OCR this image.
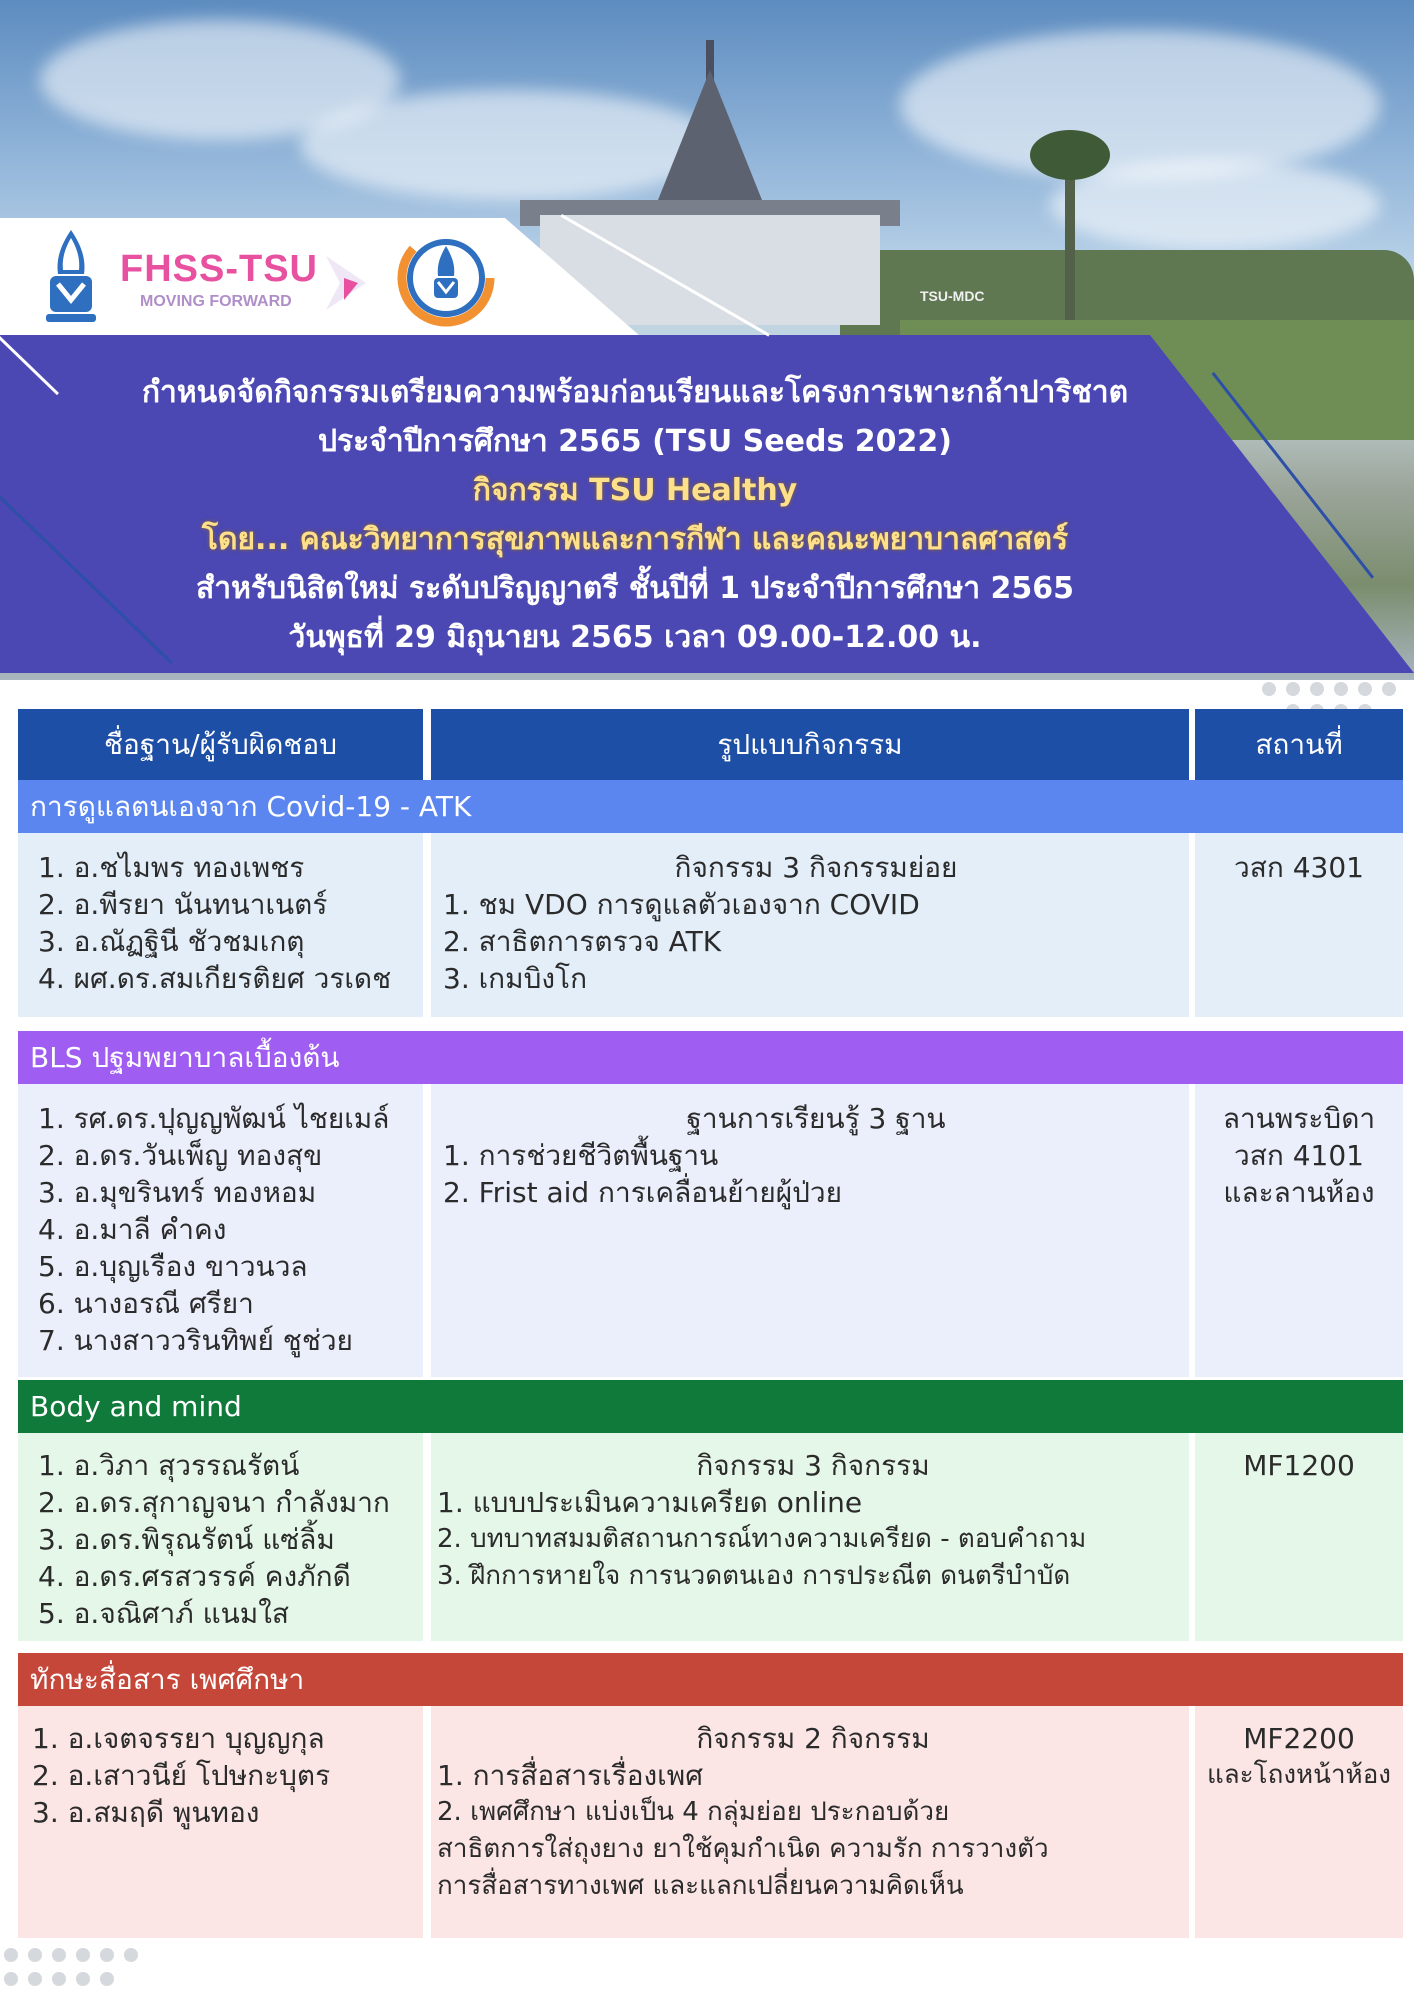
TSU-MDC
FHSS-TSU
MOVING FORWARD
กำหนดจัดกิจกรรมเตรียมความพร้อมก่อนเรียนและโครงการเพาะกล้าปาริชาต
ประจำปีการศึกษา 2565 (TSU Seeds 2022)
กิจกรรม TSU Healthy
โดย... คณะวิทยาการสุขภาพและการกีฬา และคณะพยาบาลศาสตร์
สำหรับนิสิตใหม่ ระดับปริญญาตรี ชั้นปีที่ 1 ประจำปีการศึกษา 2565
วันพุธที่ 29 มิถุนายน 2565 เวลา 09.00-12.00 น.
ชื่อฐาน/ผู้รับผิดชอบ	รูปแบบกิจกรรม	สถานที่
การดูแลตนเองจาก Covid-19 - ATK
1. อ.ชไมพร ทองเพชร
2. อ.พีรยา นันทนาเนตร์
3. อ.ณัฏฐินี ชัวชมเกตุ
4. ผศ.ดร.สมเกียรติยศ วรเดช
กิจกรรม 3 กิจกรรมย่อย
1. ชม VDO การดูแลตัวเองจาก COVID
2. สาธิตการตรวจ ATK
3. เกมบิงโก
วสก 4301
BLS ปฐมพยาบาลเบื้องต้น
1. รศ.ดร.ปุญญพัฒน์ ไชยเมล์
2. อ.ดร.วันเพ็ญ ทองสุข
3. อ.มุขรินทร์ ทองหอม
4. อ.มาลี คำคง
5. อ.บุญเรือง ขาวนวล
6. นางอรณี ศรียา
7. นางสาววรินทิพย์ ชูช่วย
ฐานการเรียนรู้ 3 ฐาน
1. การช่วยชีวิตพื้นฐาน
2. Frist aid การเคลื่อนย้ายผู้ป่วย
ลานพระบิดา
วสก 4101
และลานห้อง
Body and mind
1. อ.วิภา สุวรรณรัตน์
2. อ.ดร.สุกาญจนา กำลังมาก
3. อ.ดร.พิรุณรัตน์ แซ่ลิ้ม
4. อ.ดร.ศรสวรรค์ คงภักดี
5. อ.จณิศาภ์ แนมใส
กิจกรรม 3 กิจกรรม
1. แบบประเมินความเครียด online
2. บทบาทสมมติสถานการณ์ทางความเครียด - ตอบคำถาม
3. ฝึกการหายใจ การนวดตนเอง การประณีต ดนตรีบำบัด
MF1200
ทักษะสื่อสาร เพศศึกษา
1. อ.เจตจรรยา บุญญกุล
2. อ.เสาวนีย์ โปษกะบุตร
3. อ.สมฤดี พูนทอง
กิจกรรม 2 กิจกรรม
1. การสื่อสารเรื่องเพศ
2. เพศศึกษา แบ่งเป็น 4 กลุ่มย่อย ประกอบด้วย
สาธิตการใส่ถุงยาง ยาใช้คุมกำเนิด ความรัก การวางตัว
การสื่อสารทางเพศ และแลกเปลี่ยนความคิดเห็น
MF2200
และโถงหน้าห้อง
